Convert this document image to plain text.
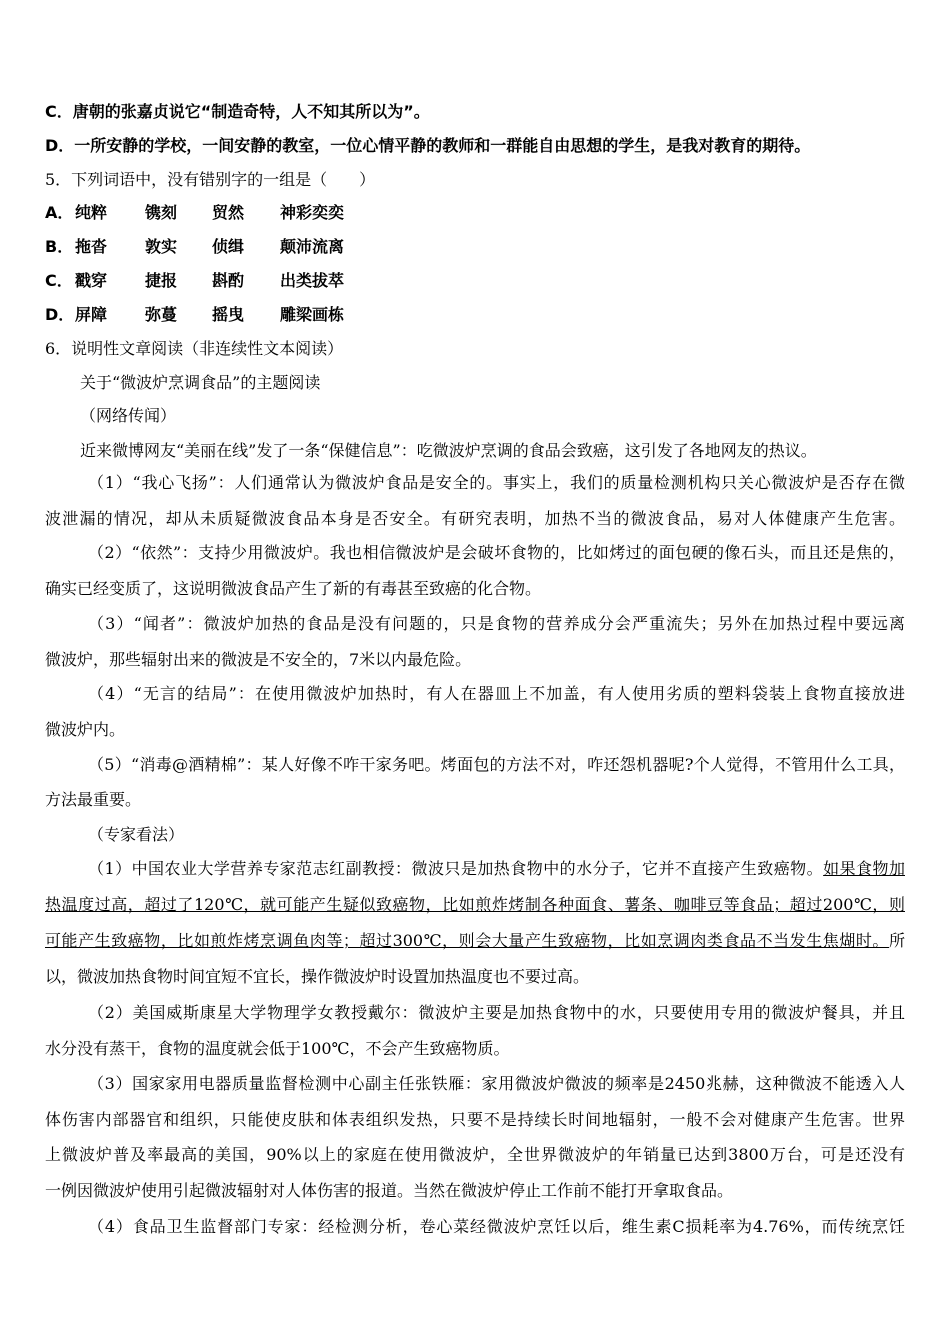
C．唐朝的张嘉贞说它“制造奇特，人不知其所以为”。
D．一所安静的学校，一间安静的教室，一位心情平静的教师和一群能自由思想的学生，是我对教育的期待。
5．下列词语中，没有错别字的一组是（　　）
A． 纯粹 镌刻 贸然 神彩奕奕
B． 拖沓 敦实 侦缉 颠沛流离
C． 戳穿 捷报 斟酌 出类拔萃
D．屏障 弥蔓 摇曳 雕梁画栋
6．说明性文章阅读（非连续性文本阅读）
关于“微波炉烹调食品”的主题阅读
（网络传闻）
近来微博网友“美丽在线”发了一条“保健信息”：吃微波炉烹调的食品会致癌，这引发了各地网友的热议。
（1）“我心飞扬”：人们通常认为微波炉食品是安全的。事实上，我们的质量检测机构只关心微波炉是否存在微
波泄漏的情况，却从未质疑微波食品本身是否安全。有研究表明，加热不当的微波食品，易对人体健康产生危害。
（2）“依然”：支持少用微波炉。我也相信微波炉是会破坏食物的，比如烤过的面包硬的像石头，而且还是焦的，
确实已经变质了，这说明微波食品产生了新的有毒甚至致癌的化合物。
（3）“闻者”：微波炉加热的食品是没有问题的，只是食物的营养成分会严重流失；另外在加热过程中要远离
微波炉，那些辐射出来的微波是不安全的，7米以内最危险。
（4）“无言的结局”：在使用微波炉加热时，有人在器皿上不加盖，有人使用劣质的塑料袋装上食物直接放进
微波炉内。
（5）“消毒@酒精棉”：某人好像不咋干家务吧。烤面包的方法不对，咋还怨机器呢?个人觉得，不管用什么工具，
方法最重要。
（专家看法）
（1）中国农业大学营养专家范志红副教授：微波只是加热食物中的水分子，它并不直接产生致癌物。如果食物加
热温度过高，超过了120℃，就可能产生疑似致癌物，比如煎炸烤制各种面食、薯条、咖啡豆等食品；超过200℃，则
可能产生致癌物，比如煎炸烤烹调鱼肉等；超过300℃，则会大量产生致癌物，比如烹调肉类食品不当发生焦煳时。所
以，微波加热食物时间宜短不宜长，操作微波炉时设置加热温度也不要过高。
（2）美国威斯康星大学物理学女教授戴尔：微波炉主要是加热食物中的水，只要使用专用的微波炉餐具，并且
水分没有蒸干，食物的温度就会低于100℃，不会产生致癌物质。
（3）国家家用电器质量监督检测中心副主任张铁雁：家用微波炉微波的频率是2450兆赫，这种微波不能透入人
体伤害内部器官和组织，只能使皮肤和体表组织发热，只要不是持续长时间地辐射，一般不会对健康产生危害。世界
上微波炉普及率最高的美国，90%以上的家庭在使用微波炉，全世界微波炉的年销量已达到3800万台，可是还没有
一例因微波炉使用引起微波辐射对人体伤害的报道。当然在微波炉停止工作前不能打开拿取食品。
（4）食品卫生监督部门专家：经检测分析，卷心菜经微波炉烹饪以后，维生素C损耗率为4.76%，而传统烹饪
